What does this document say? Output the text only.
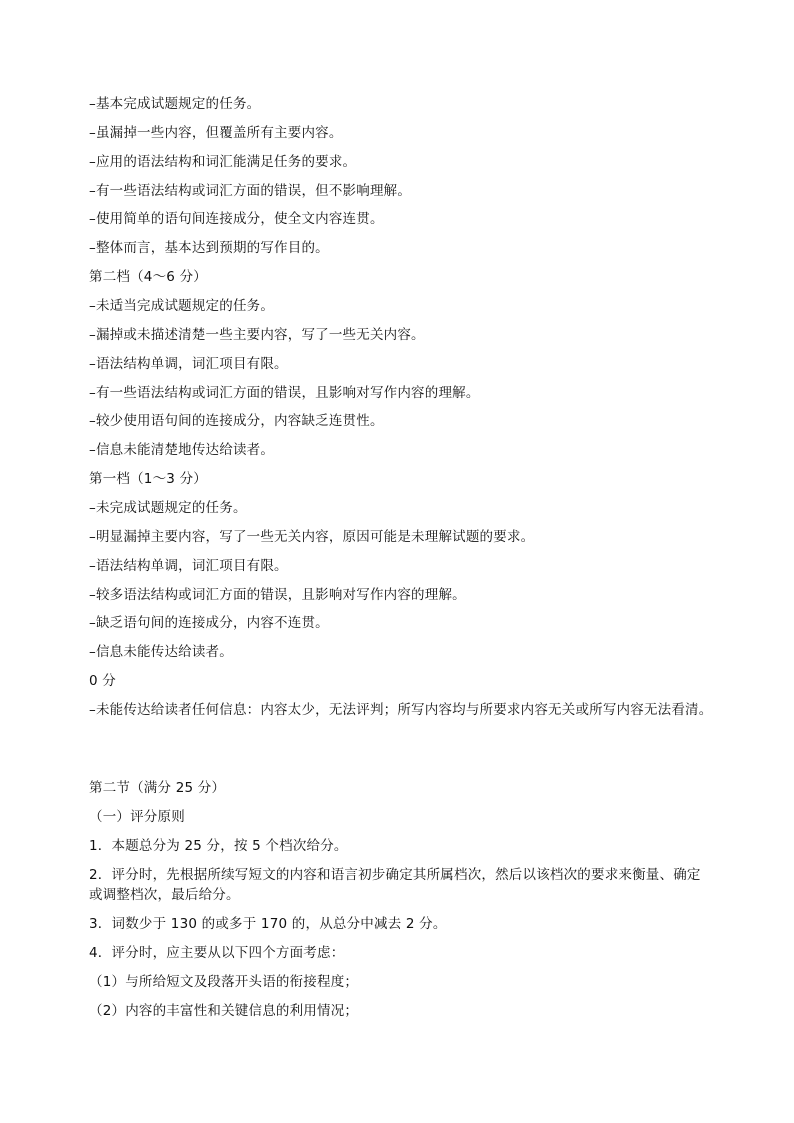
–基本完成试题规定的任务。
–虽漏掉一些内容，但覆盖所有主要内容。
–应用的语法结构和词汇能满足任务的要求。
–有一些语法结构或词汇方面的错误，但不影响理解。
–使用简单的语句间连接成分，使全文内容连贯。
–整体而言，基本达到预期的写作目的。
第二档（4～6 分）
–未适当完成试题规定的任务。
–漏掉或未描述清楚一些主要内容，写了一些无关内容。
–语法结构单调，词汇项目有限。
–有一些语法结构或词汇方面的错误，且影响对写作内容的理解。
–较少使用语句间的连接成分，内容缺乏连贯性。
–信息未能清楚地传达给读者。
第一档（1～3 分）
–未完成试题规定的任务。
–明显漏掉主要内容，写了一些无关内容，原因可能是未理解试题的要求。
–语法结构单调，词汇项目有限。
–较多语法结构或词汇方面的错误，且影响对写作内容的理解。
–缺乏语句间的连接成分，内容不连贯。
–信息未能传达给读者。
0 分
–未能传达给读者任何信息：内容太少，无法评判；所写内容均与所要求内容无关或所写内容无法看清。
第二节（满分 25 分）
（一）评分原则
1．本题总分为 25 分，按 5 个档次给分。
2．评分时，先根据所续写短文的内容和语言初步确定其所属档次，然后以该档次的要求来衡量、确定或调整档次，最后给分。
3．词数少于 130 的或多于 170 的，从总分中减去 2 分。
4．评分时，应主要从以下四个方面考虑：
（1）与所给短文及段落开头语的衔接程度；
（2）内容的丰富性和关键信息的利用情况；
